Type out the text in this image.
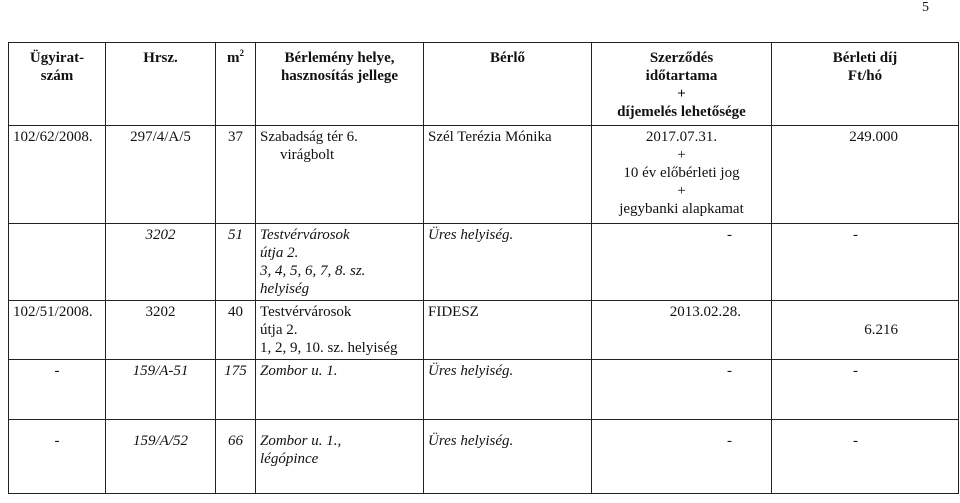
5
Ügyirat-
szám	Hrsz.	$m^2$	Bérlemény helye,
hasznosítás jellege	Bérlő	Szerződés
időtartama
+
díjemelés lehetősége	Bérleti díj
Ft/hó
102/62/2008.	297/4/A/5	37	Szabadság tér 6.
virágbolt	Szél Terézia Mónika	2017.07.31.
+
10 év előbérleti jog
+
jegybanki alapkamat	249.000
	3202	51	Testvérvárosok
útja 2.
3, 4, 5, 6, 7, 8. sz.
helyiség	Üres helyiség.	-	-
102/51/2008.	3202	40	Testvérvárosok
útja 2.
1, 2, 9, 10. sz. helyiség	FIDESZ	2013.02.28.	6.216
-	159/A-51	175	Zombor u. 1.	Üres helyiség.	-	-
-	159/A/52	66	Zombor u. 1.,
légópince	Üres helyiség.	-	-
